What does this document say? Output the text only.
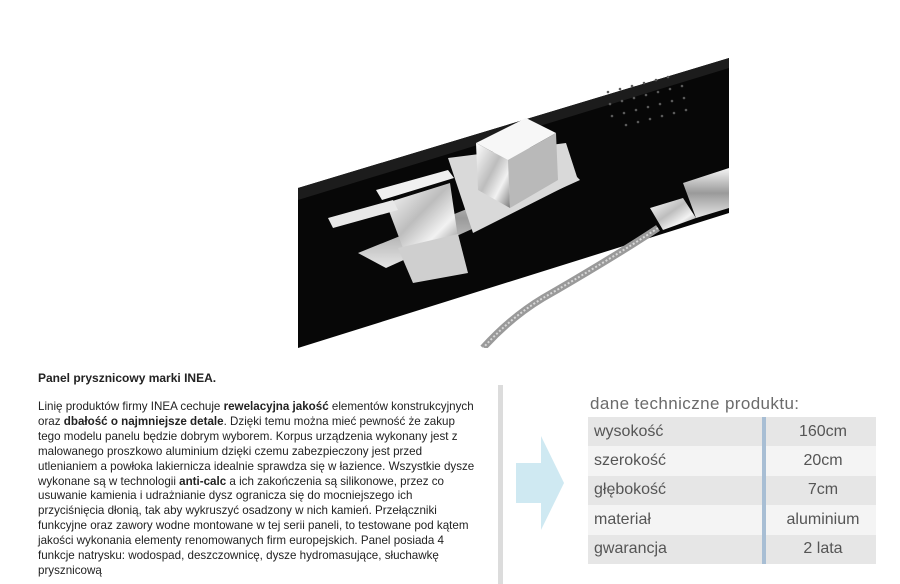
Panel prysznicowy marki INEA.

Linię produktów firmy INEA cechuje rewelacyjna jakość elementów konstrukcyjnych oraz dbałość o najmniejsze detale. Dzięki temu można mieć pewność że zakup tego modelu panelu będzie dobrym wyborem. Korpus urządzenia wykonany jest z malowanego proszkowo aluminium dzięki czemu zabezpieczony jest przed utlenianiem a powłoka lakiernicza idealnie sprawdza się w łazience. Wszystkie dysze wykonane są w technologii anti-calc a ich zakończenia są silikonowe, przez co usuwanie kamienia i udrażnianie dysz ogranicza się do mocniejszego ich przyciśnięcia dłonią, tak aby wykruszyć osadzony w nich kamień. Przełączniki funkcyjne oraz zawory wodne montowane w tej serii paneli, to testowane pod kątem jakości wykonania elementy renomowanych firm europejskich. Panel posiada 4 funkcje natrysku: wodospad, deszczownicę, dysze hydromasujące, słuchawkę prysznicową

dane techniczne produktu:
wysokość	160cm
szerokość	20cm
głębokość	7cm
materiał	aluminium
gwarancja	2 lata
